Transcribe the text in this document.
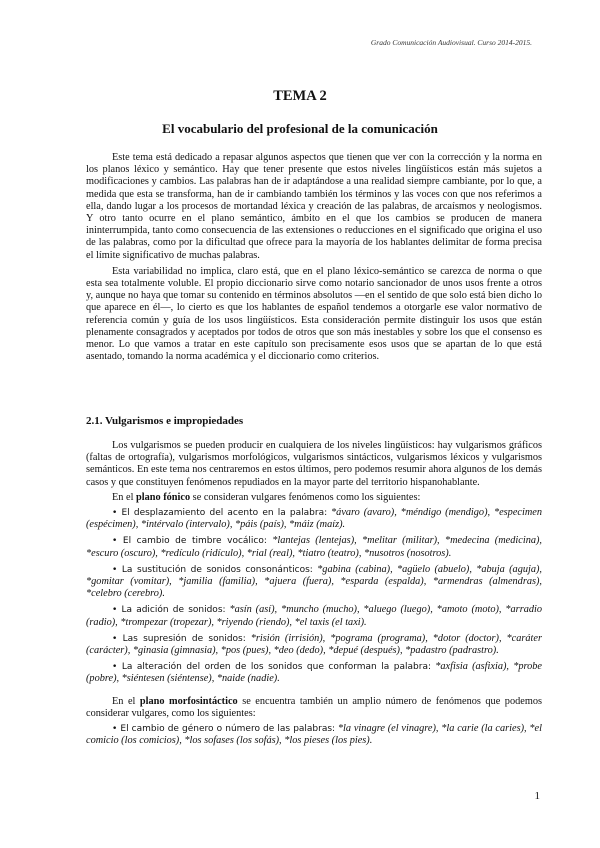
Grado Comunicación Audiovisual. Curso 2014-2015.
TEMA 2
El vocabulario del profesional de la comunicación

Este tema está dedicado a repasar algunos aspectos que tienen que ver con la corrección y la norma en los planos léxico y semántico. Hay que tener presente que estos niveles lingüísticos están más sujetos a modificaciones y cambios. Las palabras han de ir adaptándose a una realidad siempre cambiante, por lo que, a medida que esta se transforma, han de ir cambiando también los términos y las voces con que nos referimos a ella, dando lugar a los procesos de mortandad léxica y creación de las palabras, de arcaísmos y neologismos. Y otro tanto ocurre en el plano semántico, ámbito en el que los cambios se producen de manera ininterrumpida, tanto como consecuencia de las extensiones o reducciones en el significado que origina el uso de las palabras, como por la dificultad que ofrece para la mayoría de los hablantes delimitar de forma precisa el límite significativo de muchas palabras.

Esta variabilidad no implica, claro está, que en el plano léxico-semántico se carezca de norma o que esta sea totalmente voluble. El propio diccionario sirve como notario sancionador de unos usos frente a otros y, aunque no haya que tomar su contenido en términos absolutos —en el sentido de que solo está bien dicho lo que aparece en él—, lo cierto es que los hablantes de español tendemos a otorgarle ese valor normativo de referencia común y guía de los usos lingüísticos. Esta consideración permite distinguir los usos que están plenamente consagrados y aceptados por todos de otros que son más inestables y sobre los que el consenso es menor. Lo que vamos a tratar en este capítulo son precisamente esos usos que se apartan de lo que está asentado, tomando la norma académica y el diccionario como criterios.

2.1. Vulgarismos e impropiedades

Los vulgarismos se pueden producir en cualquiera de los niveles lingüísticos: hay vulgarismos gráficos (faltas de ortografía), vulgarismos morfológicos, vulgarismos sintácticos, vulgarismos léxicos y vulgarismos semánticos. En este tema nos centraremos en estos últimos, pero podemos resumir ahora algunos de los demás casos y que constituyen fenómenos repudiados en la mayor parte del territorio hispanohablante.

En el plano fónico se consideran vulgares fenómenos como los siguientes:

• El desplazamiento del acento en la palabra: *ávaro (avaro), *méndigo (mendigo), *especimen (espécimen), *intérvalo (intervalo), *páis (país), *máiz (maíz).

• El cambio de timbre vocálico: *lantejas (lentejas), *melitar (militar), *medecina (medicina), *escuro (oscuro), *redículo (ridículo), *rial (real), *tiatro (teatro), *nusotros (nosotros).

• La sustitución de sonidos consonánticos: *gabina (cabina), *agüelo (abuelo), *abuja (aguja), *gomitar (vomitar), *jamilia (familia), *ajuera (fuera), *esparda (espalda), *armendras (almendras), *celebro (cerebro).

• La adición de sonidos: *asín (así), *muncho (mucho), *aluego (luego), *amoto (moto), *arradio (radio), *trompezar (tropezar), *riyendo (riendo), *el taxis (el taxi).

• Las supresión de sonidos: *risión (irrisión), *pograma (programa), *dotor (doctor), *caráter (carácter), *ginasia (gimnasia), *pos (pues), *deo (dedo), *depué (después), *padastro (padrastro).

• La alteración del orden de los sonidos que conforman la palabra: *axfisia (asfixia), *probe (pobre), *siéntesen (siéntense), *naide (nadie).

En el plano morfosintáctico se encuentra también un amplio número de fenómenos que podemos considerar vulgares, como los siguientes:

• El cambio de género o número de las palabras: *la vinagre (el vinagre), *la carie (la caries), *el comicio (los comicios), *los sofases (los sofás), *los pieses (los pies).

1
